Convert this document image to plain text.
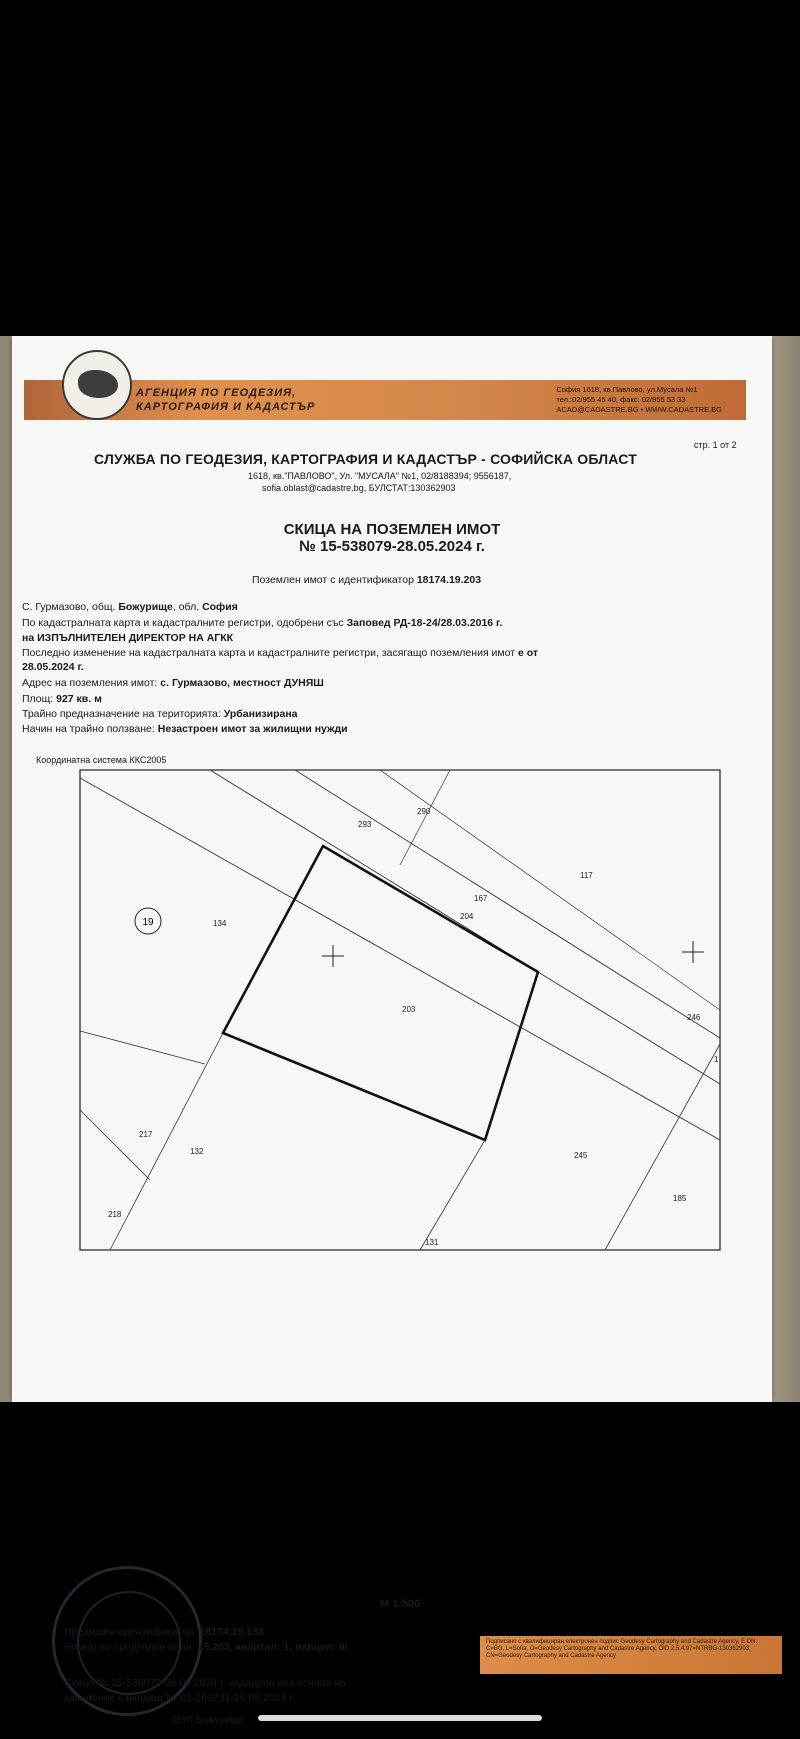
АГЕНЦИЯ ПО ГЕОДЕЗИЯ,
КАРТОГРАФИЯ И КАДАСТЪР
София 1618, кв.Павлово, ул.Мусала №1
тел.:02/955 45 40, факс: 02/955 53 33
ACAD@CADASTRE.BG • WWW.CADASTRE.BG
стр. 1 от 2
СЛУЖБА ПО ГЕОДЕЗИЯ, КАРТОГРАФИЯ И КАДАСТЪР - СОФИЙСКА ОБЛАСТ
1618, кв."ПАВЛОВО", Ул. "МУСАЛА" №1, 02/8188394; 9556187,
sofia.oblast@cadastre.bg, БУЛСТАТ:130362903
СКИЦА НА ПОЗЕМЛЕН ИМОТ
№ 15-538079-28.05.2024 г.
Поземлен имот с идентификатор 18174.19.203
С. Гурмазово, общ. Божурище, обл. София
По кадастралната карта и кадастралните регистри, одобрени със Заповед РД-18-24/28.03.2016 г.
на ИЗПЪЛНИТЕЛЕН ДИРЕКТОР НА АГКК
Последно изменение на кадастралната карта и кадастралните регистри, засягащо поземления имот е от
28.05.2024 г.
Адрес на поземления имот: с. Гурмазово, местност ДУНЯШ
Площ: 927 кв. м
Трайно предназначение на територията: Урбанизирана
Начин на трайно ползване: Незастроен имот за жилищни нужди
Координатна система ККС2005
19
290
293
117
167
204
134
203
246
1
217
132	245
185
218
131
М 1:500
Предишен идентификатор: 18174.19.133
Номер по предходен план: 19.203, квартал: 1, парцел: III
Скица № 15-538079-28.05.2024 г. издадена въз основа на
заявление с входящ № 01-269231-16.05.2024 г.
ОЗП Божурище
Подписано с квалифициран електронен подпис Geodesy Cartography and Cadastre Agency, E DN: C=BG, L=Sofia, O=Geodesy Cartography and Cadastre Agency, OID.2.5.4.97=NTRBG-130362903, CN=Geodesy Cartography and Cadastre Agency
